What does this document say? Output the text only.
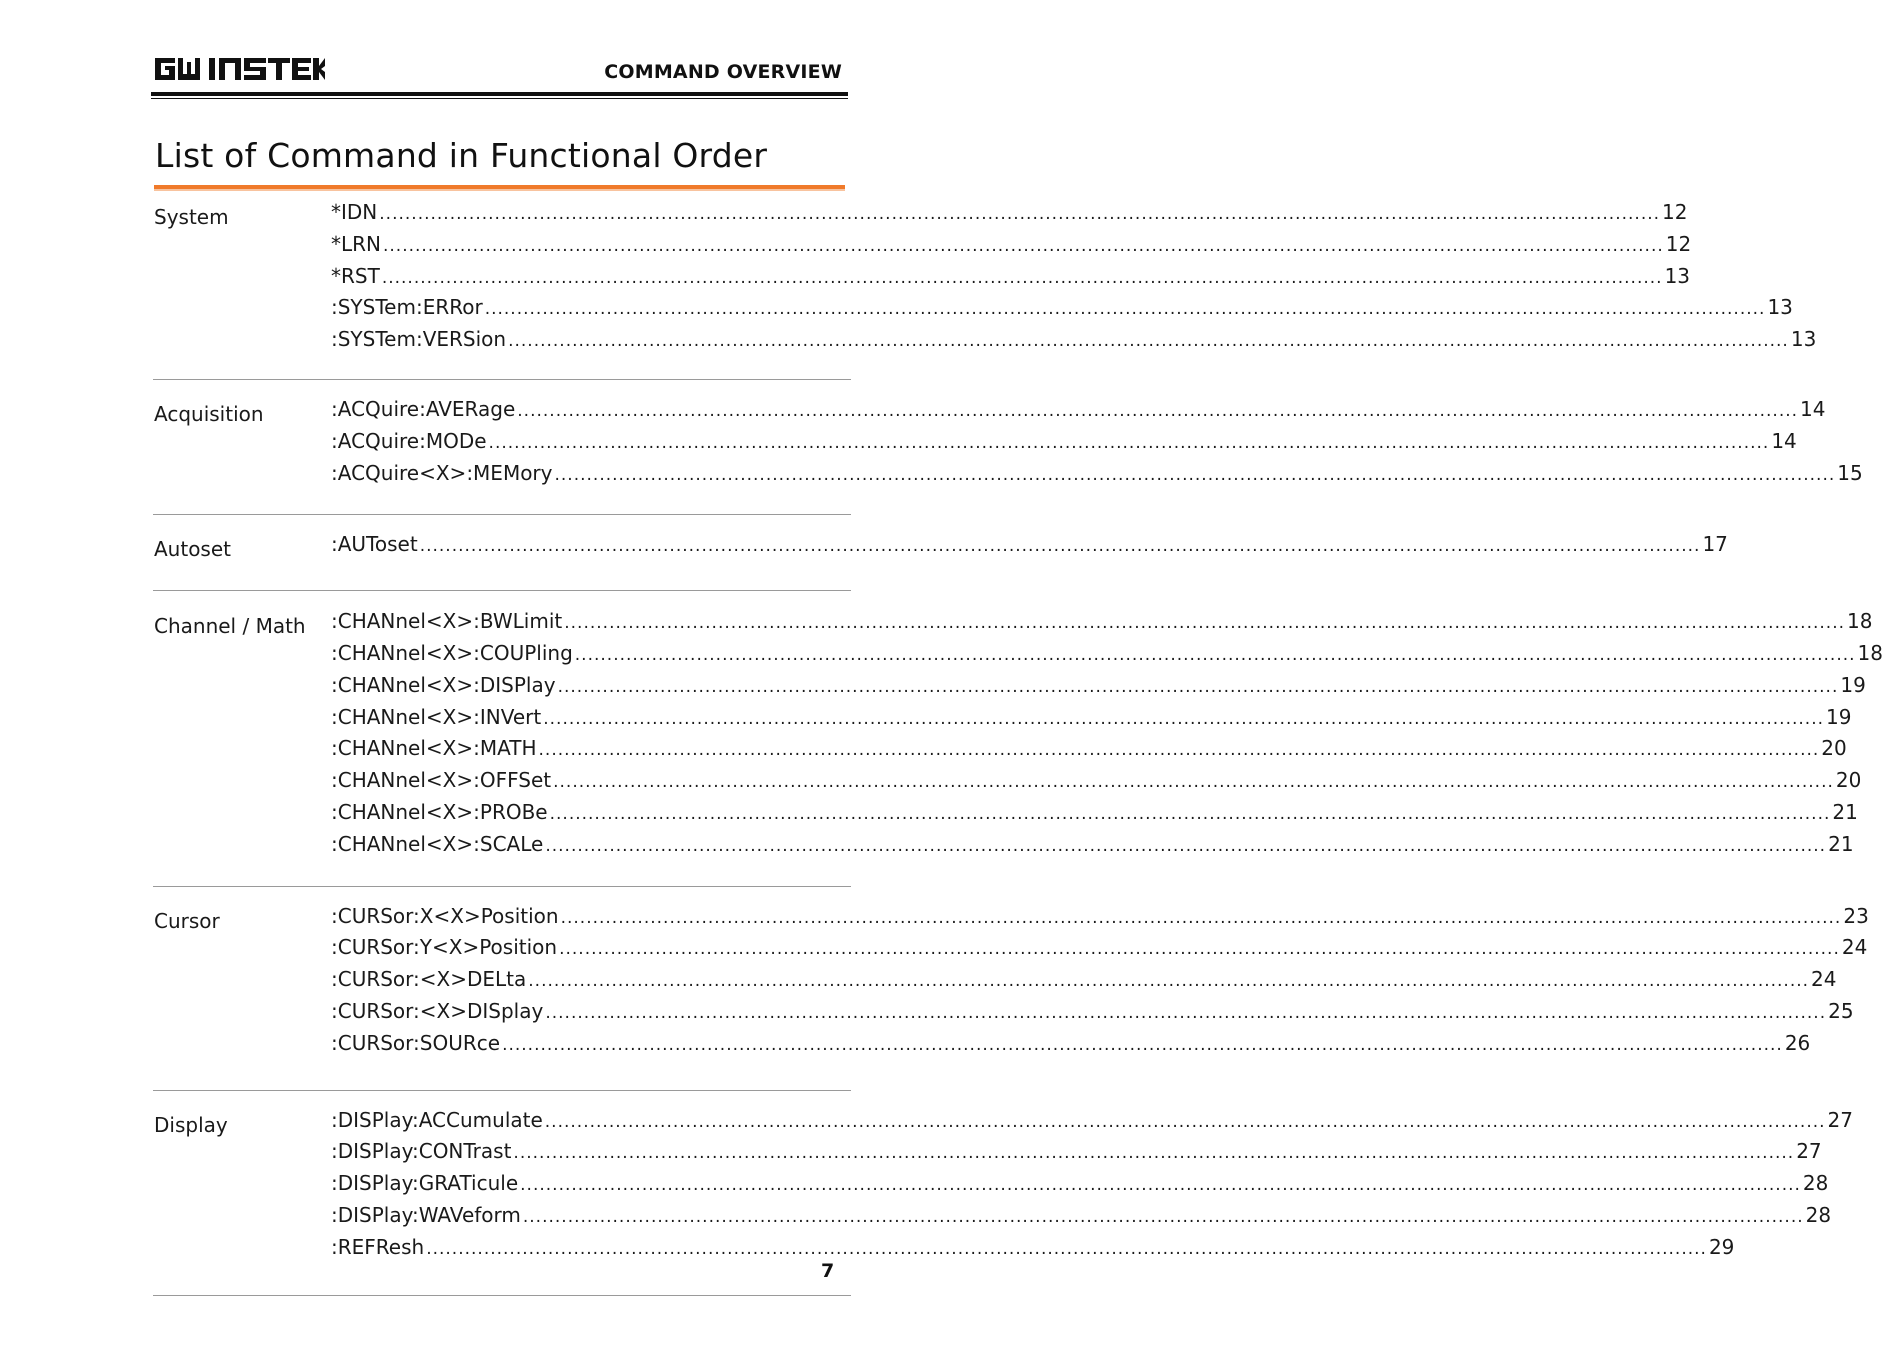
GW INSTEK
COMMAND OVERVIEW
List of Command in Functional Order
System	*IDN ........................................................................................................................................................................................................ 12
*LRN ........................................................................................................................................................................................................ 12
*RST ........................................................................................................................................................................................................ 13
:SYSTem:ERRor ........................................................................................................................................................................................................ 13
:SYSTem:VERSion ........................................................................................................................................................................................................ 13
Acquisition	:ACQuire:AVERage ........................................................................................................................................................................................................ 14
:ACQuire:MODe ........................................................................................................................................................................................................ 14
:ACQuire<X>:MEMory ........................................................................................................................................................................................................ 15
Autoset	:AUToset ........................................................................................................................................................................................................ 17
Channel / Math :CHANnel<X>:BWLimit ........................................................................................................................................................................................................ 18
:CHANnel<X>:COUPling ........................................................................................................................................................................................................ 18
:CHANnel<X>:DISPlay ........................................................................................................................................................................................................ 19
:CHANnel<X>:INVert ........................................................................................................................................................................................................ 19
:CHANnel<X>:MATH ........................................................................................................................................................................................................ 20
:CHANnel<X>:OFFSet ........................................................................................................................................................................................................ 20
:CHANnel<X>:PROBe ........................................................................................................................................................................................................ 21
:CHANnel<X>:SCALe ........................................................................................................................................................................................................ 21
Cursor	:CURSor:X<X>Position ........................................................................................................................................................................................................ 23
:CURSor:Y<X>Position ........................................................................................................................................................................................................ 24
:CURSor:<X>DELta ........................................................................................................................................................................................................ 24
:CURSor:<X>DISplay ........................................................................................................................................................................................................ 25
:CURSor:SOURce ........................................................................................................................................................................................................ 26
Display	:DISPlay:ACCumulate ........................................................................................................................................................................................................ 27
:DISPlay:CONTrast ........................................................................................................................................................................................................ 27
:DISPlay:GRATicule ........................................................................................................................................................................................................ 28
:DISPlay:WAVeform ........................................................................................................................................................................................................ 28
:REFResh ........................................................................................................................................................................................................ 29
7
